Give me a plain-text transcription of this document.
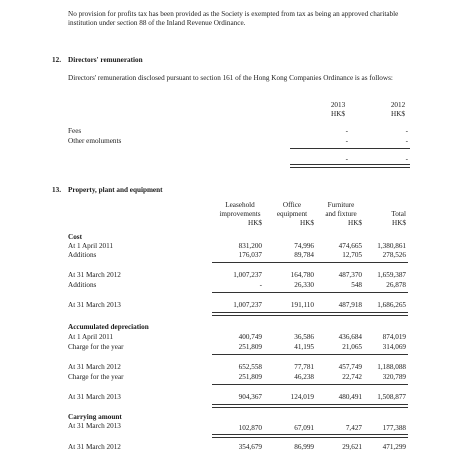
No provision for profits tax has been provided as the Society is exempted from tax as being an approved charitable institution under section 88 of the Inland Revenue Ordinance.
12. Directors' remuneration
Directors' remuneration disclosed pursuant to section 161 of the Hong Kong Companies Ordinance is as follows:
2013	2012
HK$	HK$
Fees	-	-
Other emoluments	-	-
-	-
13. Property, plant and equipment
Leasehold
improvements
HK$
Office
equipment
HK$
Furniture
and fixture
HK$
Total
HK$
Cost
At 1 April 2011	831,200	74,996	474,665	1,380,861
Additions	176,037	89,784	12,705	278,526
At 31 March 2012	1,007,237	164,780	487,370	1,659,387
Additions	-	26,330	548	26,878
At 31 March 2013	1,007,237	191,110	487,918	1,686,265
Accumulated depreciation
At 1 April 2011	400,749	36,586	436,684	874,019
Charge for the year	251,809	41,195	21,065	314,069
At 31 March 2012	652,558	77,781	457,749	1,188,088
Charge for the year	251,809	46,238	22,742	320,789
At 31 March 2013	904,367	124,019	480,491	1,508,877
Carrying amount
At 31 March 2013	102,870	67,091	7,427	177,388
At 31 March 2012	354,679	86,999	29,621	471,299
